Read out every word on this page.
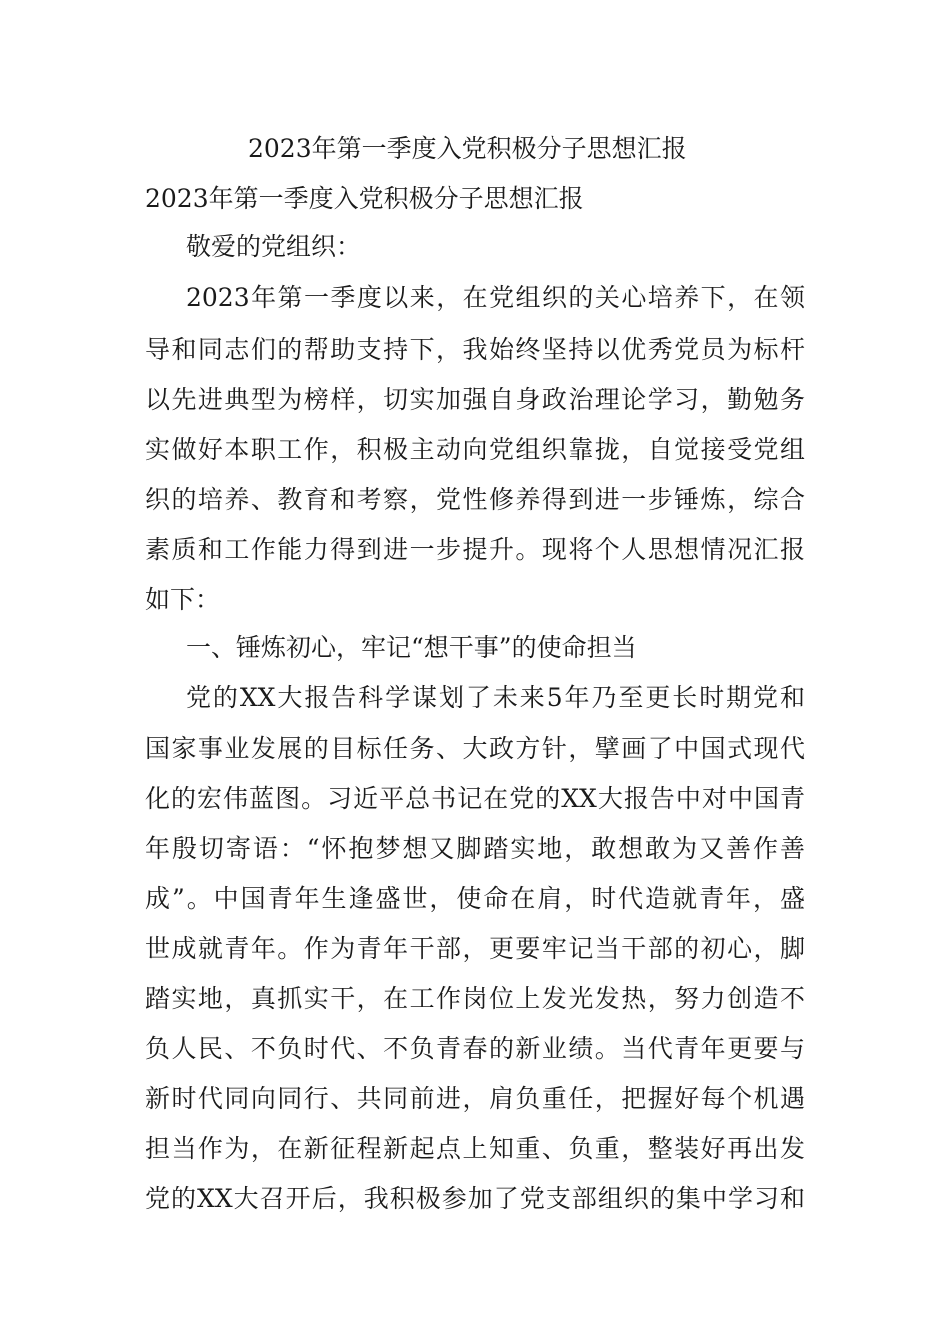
2023年第一季度入党积极分子思想汇报
2023年第一季度入党积极分子思想汇报
敬爱的党组织：
2023年第一季度以来，在党组织的关心培养下，在领
导和同志们的帮助支持下，我始终坚持以优秀党员为标杆
以先进典型为榜样，切实加强自身政治理论学习，勤勉务
实做好本职工作，积极主动向党组织靠拢，自觉接受党组
织的培养、教育和考察，党性修养得到进一步锤炼，综合
素质和工作能力得到进一步提升。现将个人思想情况汇报
如下：
一、锤炼初心，牢记“想干事”的使命担当
党的XX大报告科学谋划了未来5年乃至更长时期党和
国家事业发展的目标任务、大政方针，擘画了中国式现代
化的宏伟蓝图。习近平总书记在党的XX大报告中对中国青
年殷切寄语：“怀抱梦想又脚踏实地，敢想敢为又善作善
成”。中国青年生逢盛世，使命在肩，时代造就青年，盛
世成就青年。作为青年干部，更要牢记当干部的初心，脚
踏实地，真抓实干，在工作岗位上发光发热，努力创造不
负人民、不负时代、不负青春的新业绩。当代青年更要与
新时代同向同行、共同前进，肩负重任，把握好每个机遇
担当作为，在新征程新起点上知重、负重，整装好再出发
党的XX大召开后，我积极参加了党支部组织的集中学习和
